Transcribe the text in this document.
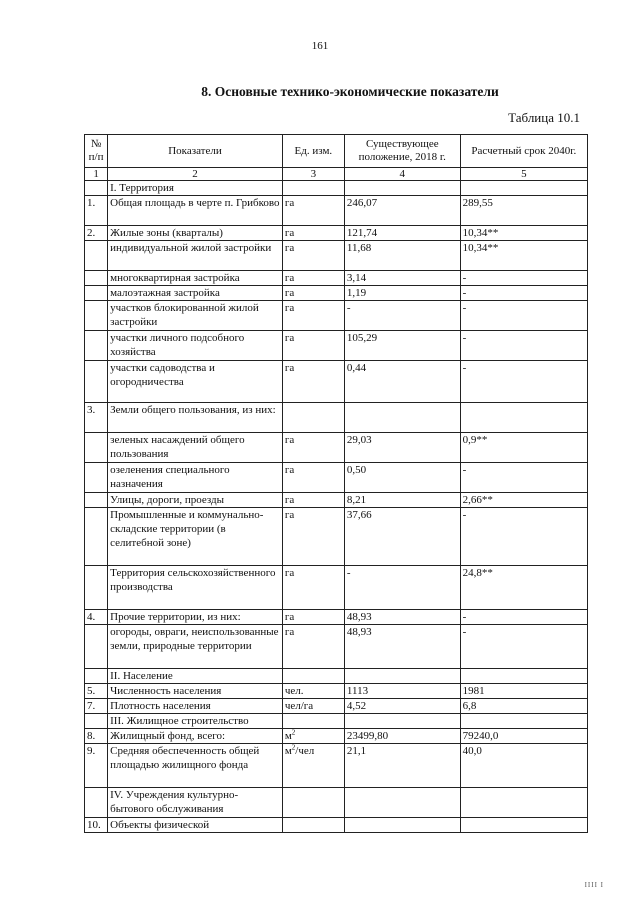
161
8. Основные технико-экономические показатели
Таблица 10.1
№ п/п	Показатели	Ед. изм.	Существующее положение, 2018 г.	Расчетный срок 2040г.
1	2	3	4	5
	I. Территория			
1.	Общая площадь в черте п. Грибково	га	246,07	289,55
2.	Жилые зоны (кварталы)	га	121,74	10,34**
	индивидуальной жилой застройки	га	11,68	10,34**
	многоквартирная застройка	га	3,14	-
	малоэтажная застройка	га	1,19	-
	участков блокированной жилой застройки	га	-	-
	участки личного подсобного хозяйства	га	105,29	-
	участки садоводства и огородничества	га	0,44	-
3.	Земли общего пользования, из них:			
	зеленых насаждений общего пользования	га	29,03	0,9**
	озеленения специального назначения	га	0,50	-
	Улицы, дороги, проезды	га	8,21	2,66**
	Промышленные и коммунально-складские территории (в селитебной зоне)	га	37,66	-
	Территория сельскохозяйственного производства	га	-	24,8**
4.	Прочие территории, из них:	га	48,93	-
	огороды, овраги, неиспользованные земли, природные территории	га	48,93	-
	II. Население			
5.	Численность населения	чел.	1113	1981
7.	Плотность населения	чел/га	4,52	6,8
	III. Жилищное строительство			
8.	Жилищный фонд, всего:	$м^2$	23499,80	79240,0
9.	Средняя обеспеченность общей площадью жилищного фонда	$м^2$/чел	21,1	40,0
	IV. Учреждения культурно-бытового обслуживания			
10.	Объекты физической			
IIII I
